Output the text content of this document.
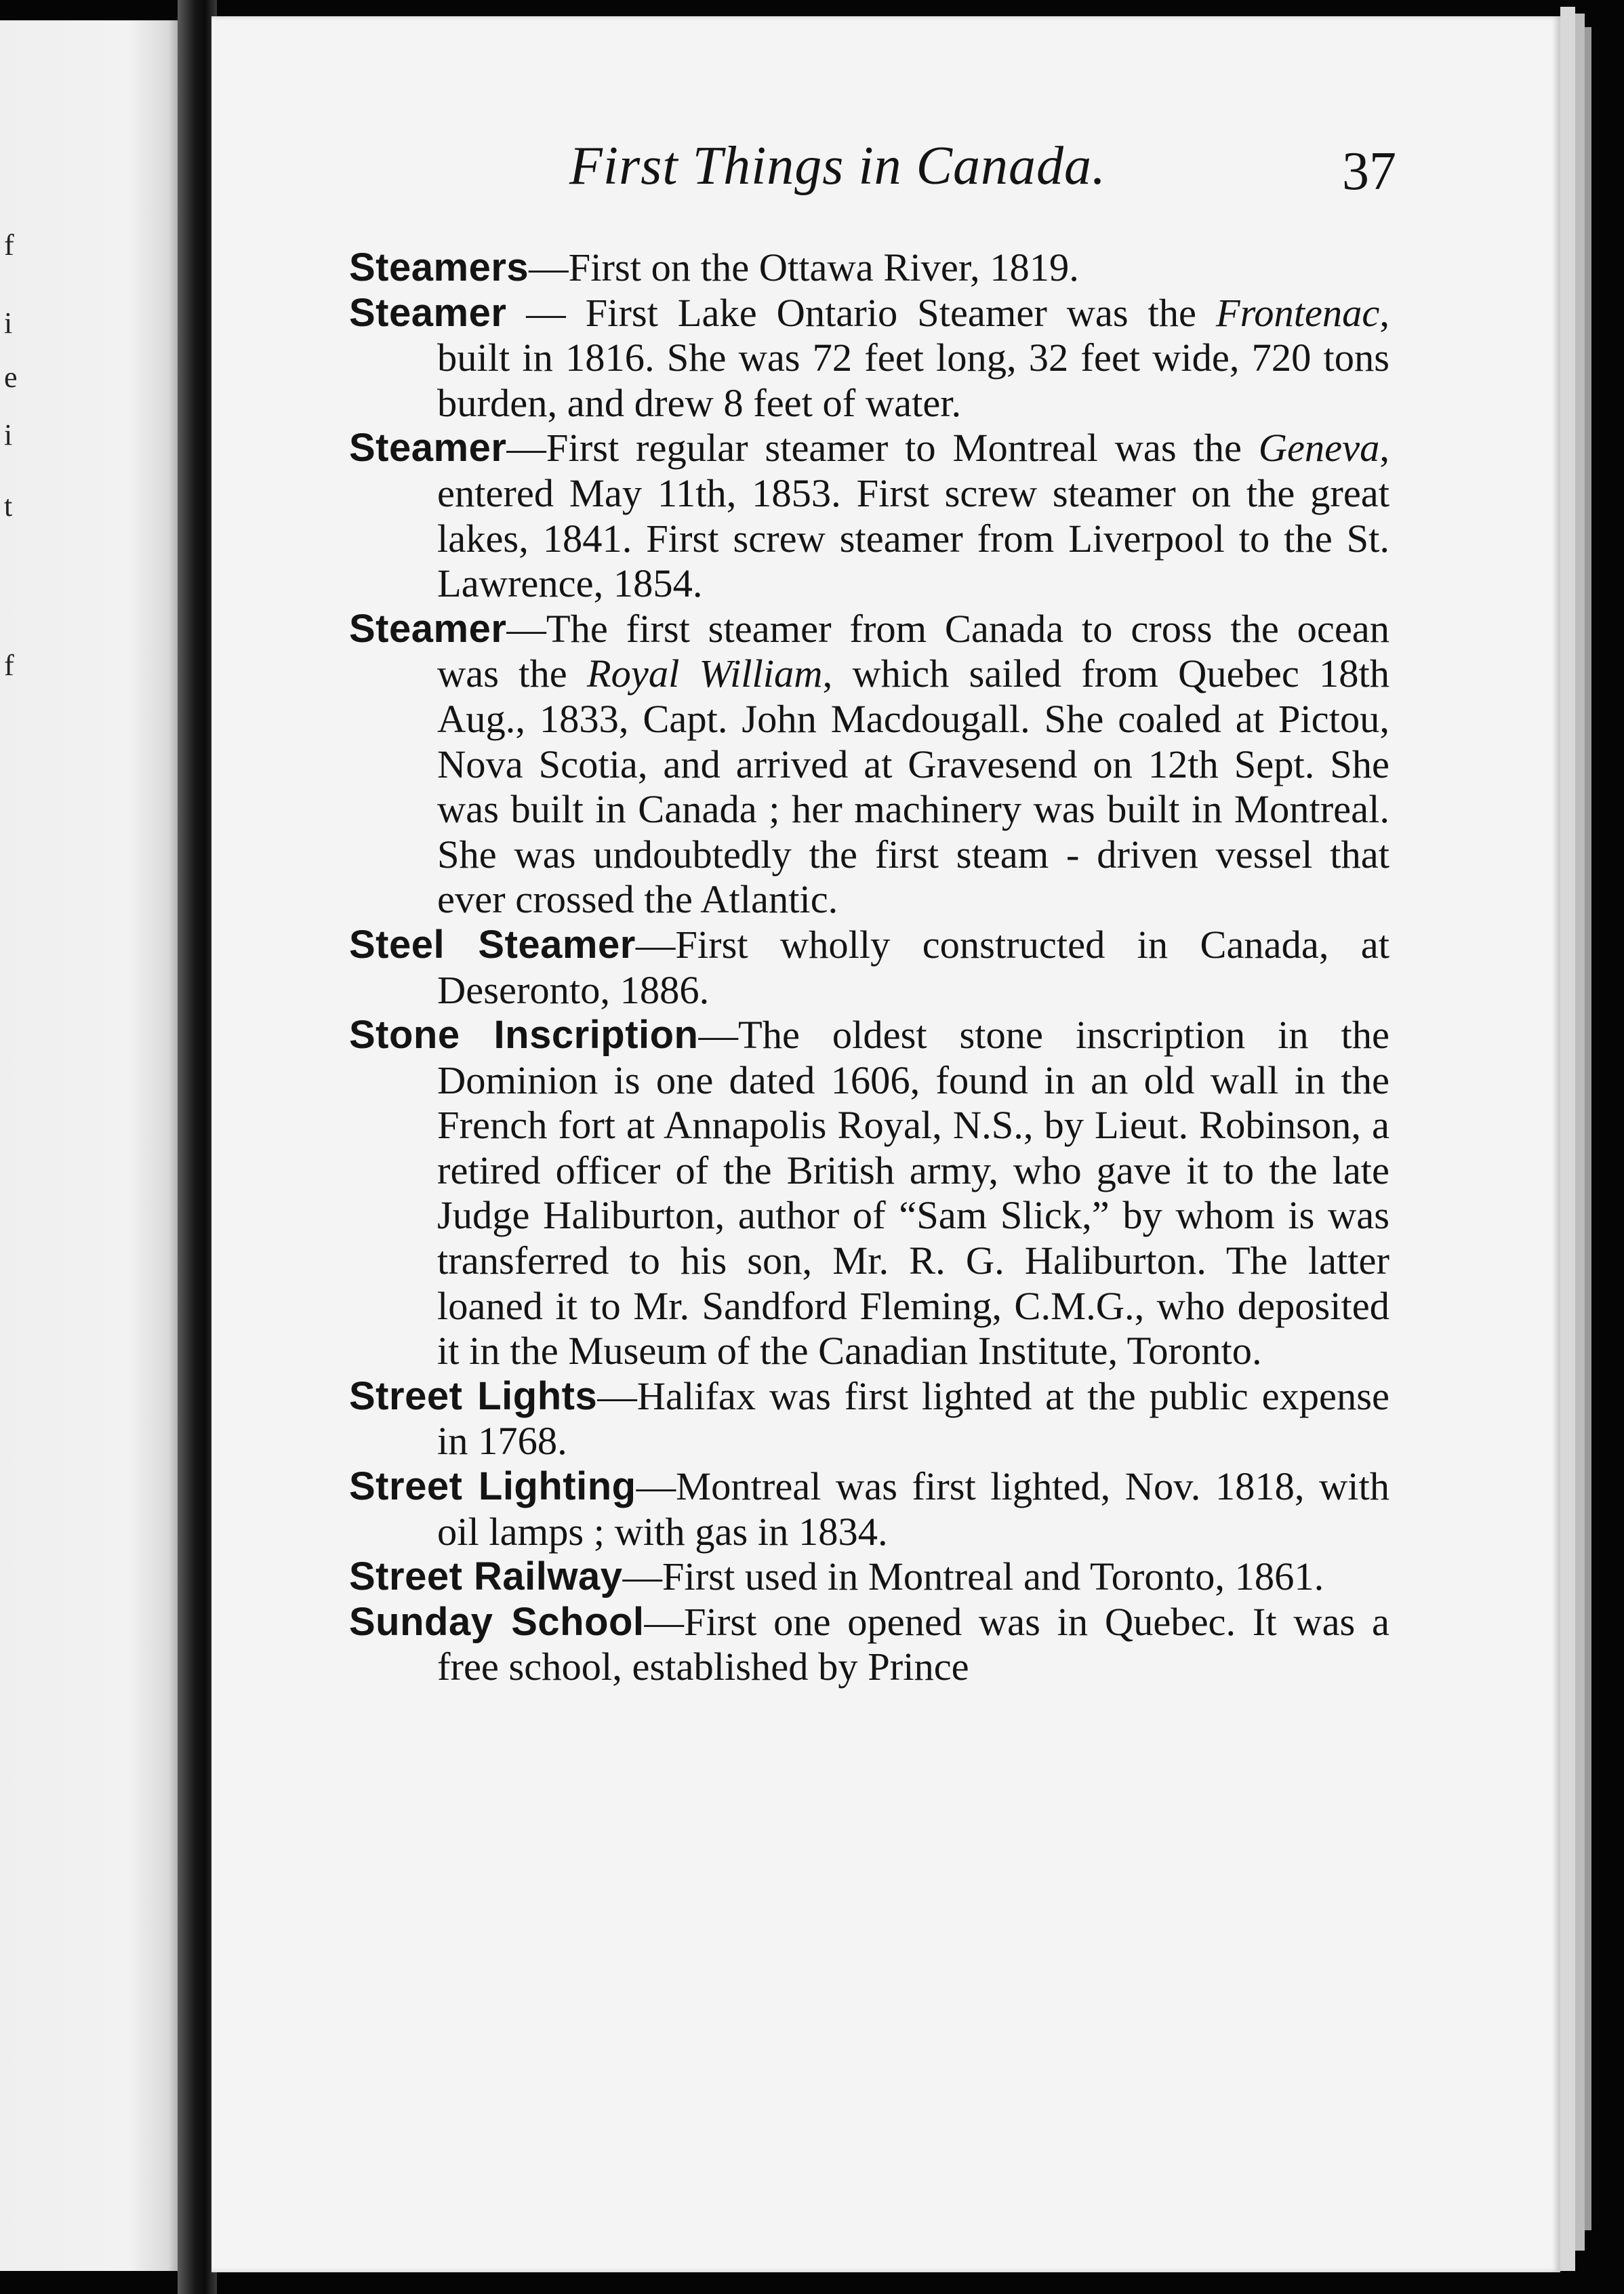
f
i
e
i
t
f
First Things in Canada.	37
Steamers—First on the Ottawa River, 1819.
Steamer — First Lake Ontario Steamer was the Frontenac, built in 1816. She was 72 feet long, 32 feet wide, 720 tons burden, and drew 8 feet of water.
Steamer—First regular steamer to Montreal was the Geneva, entered May 11th, 1853. First screw steamer on the great lakes, 1841. First screw steamer from Liverpool to the St. Lawrence, 1854.
Steamer—The first steamer from Canada to cross the ocean was the Royal William, which sailed from Quebec 18th Aug., 1833, Capt. John Macdougall. She coaled at Pictou, Nova Scotia, and arrived at Gravesend on 12th Sept. She was built in Canada ; her machinery was built in Montreal. She was undoubtedly the first steam - driven vessel that ever crossed the Atlantic.
Steel Steamer—First wholly constructed in Canada, at Deseronto, 1886.
Stone Inscription—The oldest stone inscription in the Dominion is one dated 1606, found in an old wall in the French fort at Annapolis Royal, N.S., by Lieut. Robinson, a retired officer of the British army, who gave it to the late Judge Haliburton, author of “Sam Slick,” by whom is was transferred to his son, Mr. R. G. Haliburton. The latter loaned it to Mr. Sandford Fleming, C.M.G., who deposited it in the Museum of the Canadian Institute, Toronto.
Street Lights—Halifax was first lighted at the public expense in 1768.
Street Lighting—Montreal was first lighted, Nov. 1818, with oil lamps ; with gas in 1834.
Street Railway—First used in Montreal and Toronto, 1861.
Sunday School—First one opened was in Quebec. It was a free school, established by Prince
